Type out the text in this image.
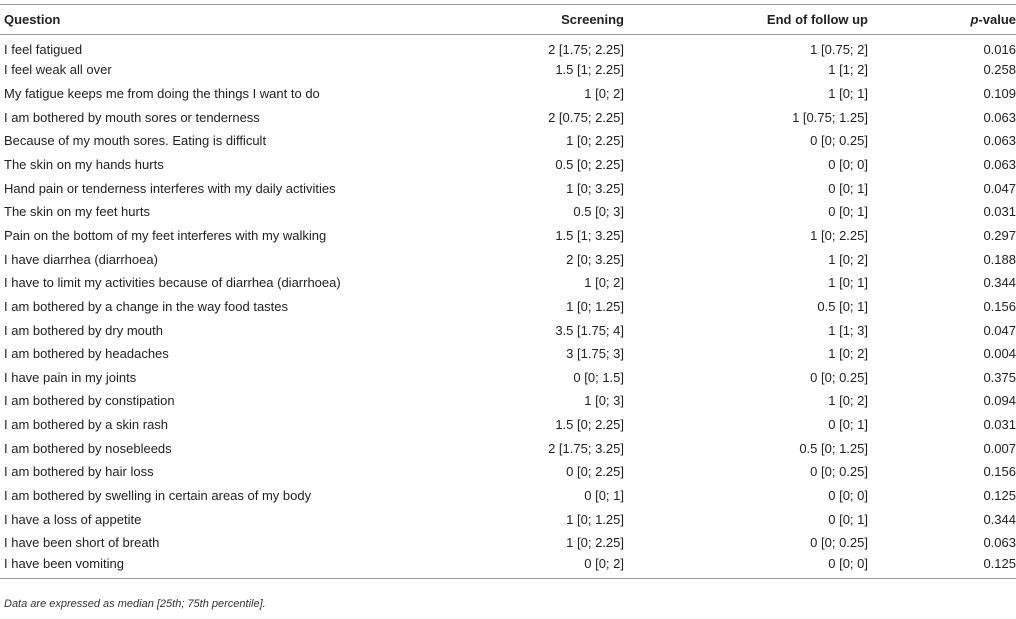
Question	Screening	End of follow up	p-value
I feel fatigued	2 [1.75; 2.25]	1 [0.75; 2]	0.016
I feel weak all over	1.5 [1; 2.25]	1 [1; 2]	0.258
My fatigue keeps me from doing the things I want to do	1 [0; 2]	1 [0; 1]	0.109
I am bothered by mouth sores or tenderness	2 [0.75; 2.25]	1 [0.75; 1.25]	0.063
Because of my mouth sores. Eating is difficult	1 [0; 2.25]	0 [0; 0.25]	0.063
The skin on my hands hurts	0.5 [0; 2.25]	0 [0; 0]	0.063
Hand pain or tenderness interferes with my daily activities	1 [0; 3.25]	0 [0; 1]	0.047
The skin on my feet hurts	0.5 [0; 3]	0 [0; 1]	0.031
Pain on the bottom of my feet interferes with my walking	1.5 [1; 3.25]	1 [0; 2.25]	0.297
I have diarrhea (diarrhoea)	2 [0; 3.25]	1 [0; 2]	0.188
I have to limit my activities because of diarrhea (diarrhoea)	1 [0; 2]	1 [0; 1]	0.344
I am bothered by a change in the way food tastes	1 [0; 1.25]	0.5 [0; 1]	0.156
I am bothered by dry mouth	3.5 [1.75; 4]	1 [1; 3]	0.047
I am bothered by headaches	3 [1.75; 3]	1 [0; 2]	0.004
I have pain in my joints	0 [0; 1.5]	0 [0; 0.25]	0.375
I am bothered by constipation	1 [0; 3]	1 [0; 2]	0.094
I am bothered by a skin rash	1.5 [0; 2.25]	0 [0; 1]	0.031
I am bothered by nosebleeds	2 [1.75; 3.25]	0.5 [0; 1.25]	0.007
I am bothered by hair loss	0 [0; 2.25]	0 [0; 0.25]	0.156
I am bothered by swelling in certain areas of my body	0 [0; 1]	0 [0; 0]	0.125
I have a loss of appetite	1 [0; 1.25]	0 [0; 1]	0.344
I have been short of breath	1 [0; 2.25]	0 [0; 0.25]	0.063
I have been vomiting	0 [0; 2]	0 [0; 0]	0.125
Data are expressed as median [25th; 75th percentile].
